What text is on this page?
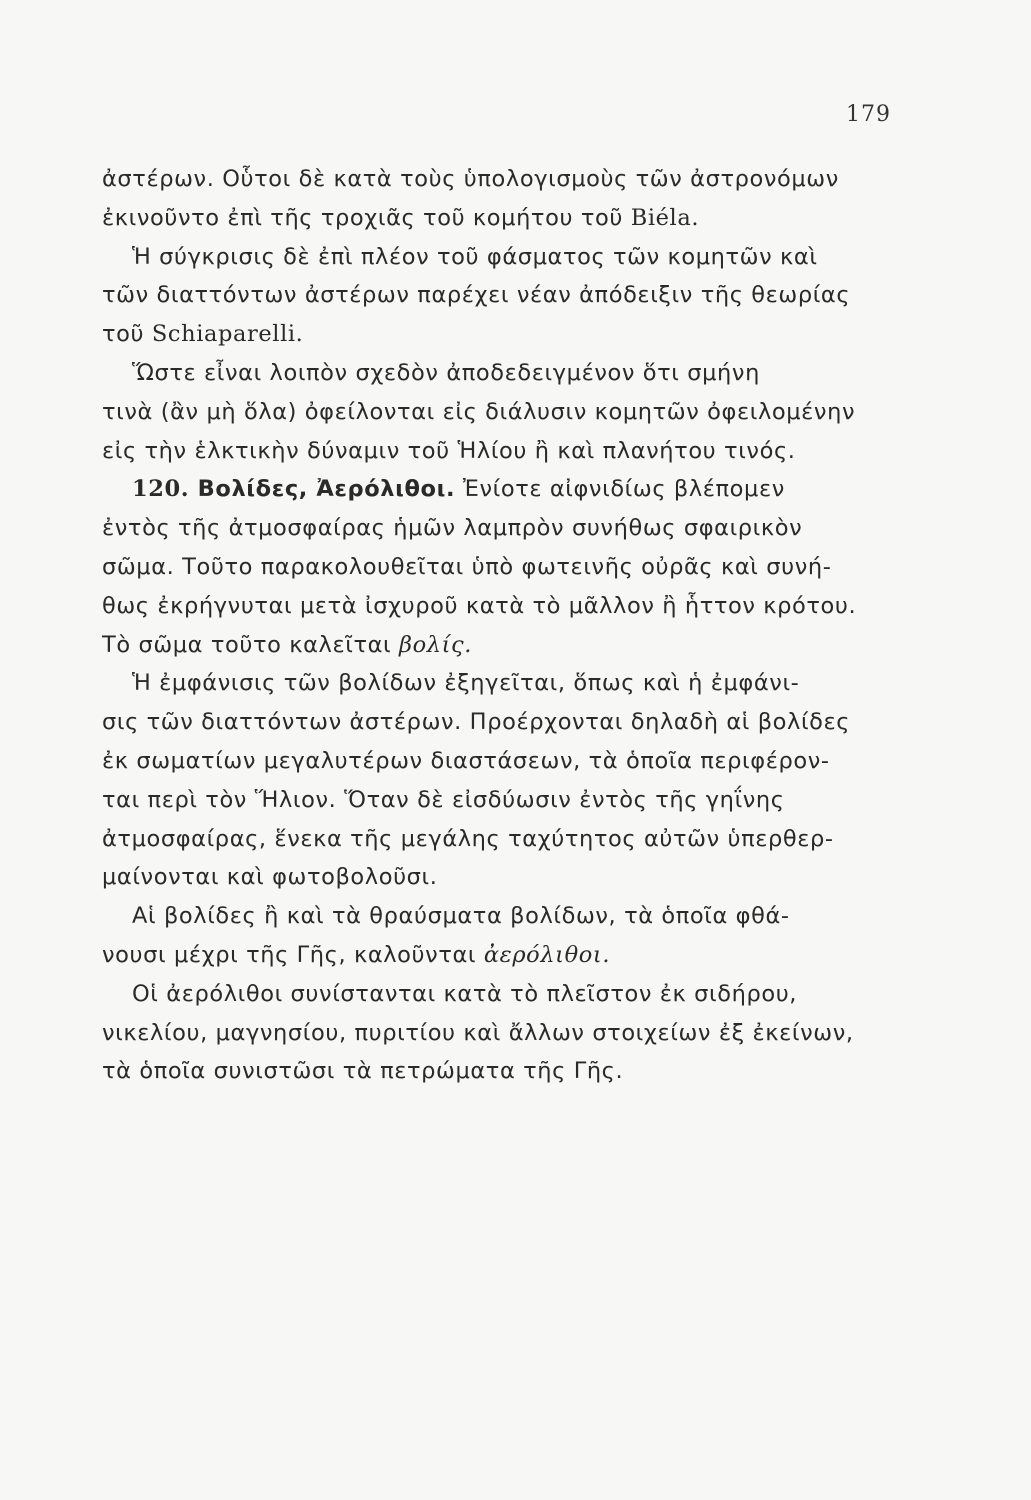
179
ἀστέρων. Οὗτοι δὲ κατὰ τοὺς ὑπολογισμοὺς τῶν ἀστρονόμων
ἐκινοῦντο ἐπὶ τῆς τροχιᾶς τοῦ κομήτου τοῦ Biéla.
Ἡ σύγκρισις δὲ ἐπὶ πλέον τοῦ φάσματος τῶν κομητῶν καὶ
τῶν διαττόντων ἀστέρων παρέχει νέαν ἀπόδειξιν τῆς θεωρίας
τοῦ Schiaparelli.
Ὥστε εἶναι λοιπὸν σχεδὸν ἀποδεδειγμένον ὅτι σμήνη
τινὰ (ἂν μὴ ὅλα) ὀφείλονται εἰς διάλυσιν κομητῶν ὀφειλομένην
εἰς τὴν ἑλκτικὴν δύναμιν τοῦ Ἡλίου ἢ καὶ πλανήτου τινός.
120. Βολίδες, Ἀερόλιθοι. Ἐνίοτε αἰφνιδίως βλέπομεν
ἐντὸς τῆς ἀτμοσφαίρας ἡμῶν λαμπρὸν συνήθως σφαιρικὸν
σῶμα. Τοῦτο παρακολουθεῖται ὑπὸ φωτεινῆς οὐρᾶς καὶ συνή-
θως ἐκρήγνυται μετὰ ἰσχυροῦ κατὰ τὸ μᾶλλον ἢ ἧττον κρότου.
Τὸ σῶμα τοῦτο καλεῖται βολίς.
Ἡ ἐμφάνισις τῶν βολίδων ἐξηγεῖται, ὅπως καὶ ἡ ἐμφάνι-
σις τῶν διαττόντων ἀστέρων. Προέρχονται δηλαδὴ αἱ βολίδες
ἐκ σωματίων μεγαλυτέρων διαστάσεων, τὰ ὁποῖα περιφέρον-
ται περὶ τὸν Ἥλιον. Ὅταν δὲ εἰσδύωσιν ἐντὸς τῆς γηΐνης
ἀτμοσφαίρας, ἕνεκα τῆς μεγάλης ταχύτητος αὐτῶν ὑπερθερ-
μαίνονται καὶ φωτοβολοῦσι.
Αἱ βολίδες ἢ καὶ τὰ θραύσματα βολίδων, τὰ ὁποῖα φθά-
νουσι μέχρι τῆς Γῆς, καλοῦνται ἀερόλιθοι.
Οἱ ἀερόλιθοι συνίστανται κατὰ τὸ πλεῖστον ἐκ σιδήρου,
νικελίου, μαγνησίου, πυριτίου καὶ ἄλλων στοιχείων ἐξ ἐκείνων,
τὰ ὁποῖα συνιστῶσι τὰ πετρώματα τῆς Γῆς.
